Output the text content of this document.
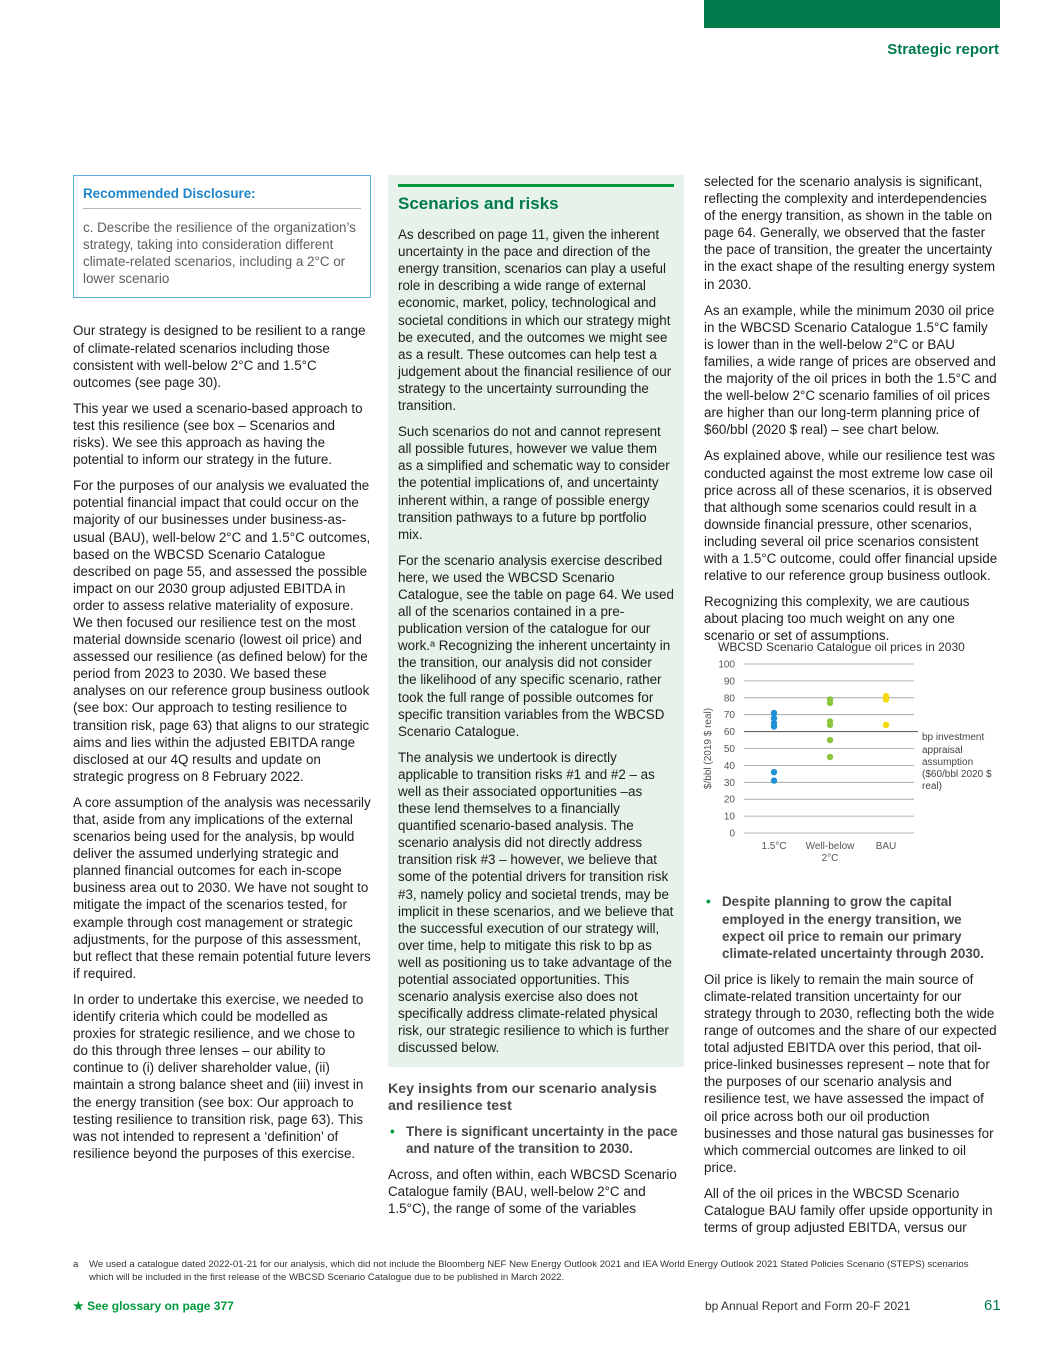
Strategic report
Recommended Disclosure:
c. Describe the resilience of the organization’s strategy, taking into consideration different climate-related scenarios, including a 2°C or lower scenario

Our strategy is designed to be resilient to a range of climate-related scenarios including those consistent with well-below 2°C and 1.5°C outcomes (see page 30).

This year we used a scenario-based approach to test this resilience (see box – Scenarios and risks). We see this approach as having the potential to inform our strategy in the future.

For the purposes of our analysis we evaluated the potential financial impact that could occur on the majority of our businesses under business-as-usual (BAU), well-below 2°C and 1.5°C outcomes, based on the WBCSD Scenario Catalogue described on page 55, and assessed the possible impact on our 2030 group adjusted EBITDA in order to assess relative materiality of exposure. We then focused our resilience test on the most material downside scenario (lowest oil price) and assessed our resilience (as defined below) for the period from 2023 to 2030. We based these analyses on our reference group business outlook (see box: Our approach to testing resilience to transition risk, page 63) that aligns to our strategic aims and lies within the adjusted EBITDA range disclosed at our 4Q results and update on strategic progress on 8 February 2022.

A core assumption of the analysis was necessarily that, aside from any implications of the external scenarios being used for the analysis, bp would deliver the assumed underlying strategic and planned financial outcomes for each in-scope business area out to 2030. We have not sought to mitigate the impact of the scenarios tested, for example through cost management or strategic adjustments, for the purpose of this assessment, but reflect that these remain potential future levers if required.

In order to undertake this exercise, we needed to identify criteria which could be modelled as proxies for strategic resilience, and we chose to do this through three lenses – our ability to continue to (i) deliver shareholder value, (ii) maintain a strong balance sheet and (iii) invest in the energy transition (see box: Our approach to testing resilience to transition risk, page 63). This was not intended to represent a ‘definition’ of resilience beyond the purposes of this exercise.

Scenarios and risks

As described on page 11, given the inherent uncertainty in the pace and direction of the energy transition, scenarios can play a useful role in describing a wide range of external economic, market, policy, technological and societal conditions in which our strategy might be executed, and the outcomes we might see as a result. These outcomes can help test a judgement about the financial resilience of our strategy to the uncertainty surrounding the transition.

Such scenarios do not and cannot represent all possible futures, however we value them as a simplified and schematic way to consider the potential implications of, and uncertainty inherent within, a range of possible energy transition pathways to a future bp portfolio mix.

For the scenario analysis exercise described here, we used the WBCSD Scenario Catalogue, see the table on page 64. We used all of the scenarios contained in a pre-publication version of the catalogue for our work.ᵃ Recognizing the inherent uncertainty in the transition, our analysis did not consider the likelihood of any specific scenario, rather took the full range of possible outcomes for specific transition variables from the WBCSD Scenario Catalogue.

The analysis we undertook is directly applicable to transition risks #1 and #2 – as well as their associated opportunities –as these lend themselves to a financially quantified scenario-based analysis. The scenario analysis did not directly address transition risk #3 – however, we believe that some of the potential drivers for transition risk #3, namely policy and societal trends, may be implicit in these scenarios, and we believe that the successful execution of our strategy will, over time, help to mitigate this risk to bp as well as positioning us to take advantage of the potential associated opportunities. This scenario analysis exercise also does not specifically address climate-related physical risk, our strategic resilience to which is further discussed below.

Key insights from our scenario analysis and resilience test
• There is significant uncertainty in the pace and nature of the transition to 2030.

Across, and often within, each WBCSD Scenario Catalogue family (BAU, well-below 2°C and 1.5°C), the range of some of the variables

selected for the scenario analysis is significant, reflecting the complexity and interdependencies of the energy transition, as shown in the table on page 64. Generally, we observed that the faster the pace of transition, the greater the uncertainty in the exact shape of the resulting energy system in 2030.

As an example, while the minimum 2030 oil price in the WBCSD Scenario Catalogue 1.5°C family is lower than in the well-below 2°C or BAU families, a wide range of prices are observed and the majority of the oil prices in both the 1.5°C and the well-below 2°C scenario families of oil prices are higher than our long-term planning price of $60/bbl (2020 $ real) – see chart below.

As explained above, while our resilience test was conducted against the most extreme low case oil price across all of these scenarios, it is observed that although some scenarios could result in a downside financial pressure, other scenarios, including several oil price scenarios consistent with a 1.5°C outcome, could offer financial upside relative to our reference group business outlook.

Recognizing this complexity, we are cautious about placing too much weight on any one scenario or set of assumptions.

WBCSD Scenario Catalogue oil prices in 2030
0
10
20
30
40
50
60
70
80
90
100
$/bbl (2019 $ real)
1.5°C Well-below
2°C
BAU
bp investment appraisal assumption ($60/bbl 2020 $ real)
• Despite planning to grow the capital employed in the energy transition, we expect oil price to remain our primary climate-related uncertainty through 2030.

Oil price is likely to remain the main source of climate-related transition uncertainty for our strategy through to 2030, reflecting both the wide range of outcomes and the share of our expected total adjusted EBITDA over this period, that oil-price-linked businesses represent – note that for the purposes of our scenario analysis and resilience test, we have assessed the impact of oil price across both our oil production businesses and those natural gas businesses for which commercial outcomes are linked to oil price.

All of the oil prices in the WBCSD Scenario Catalogue BAU family offer upside opportunity in terms of group adjusted EBITDA, versus our

a We used a catalogue dated 2022-01-21 for our analysis, which did not include the Bloomberg NEF New Energy Outlook 2021 and IEA World Energy Outlook 2021 Stated Policies Scenario (STEPS) scenarios which will be included in the first release of the WBCSD Scenario Catalogue due to be published in March 2022.
★ See glossary on page 377	bp Annual Report and Form 20-F 2021	61
